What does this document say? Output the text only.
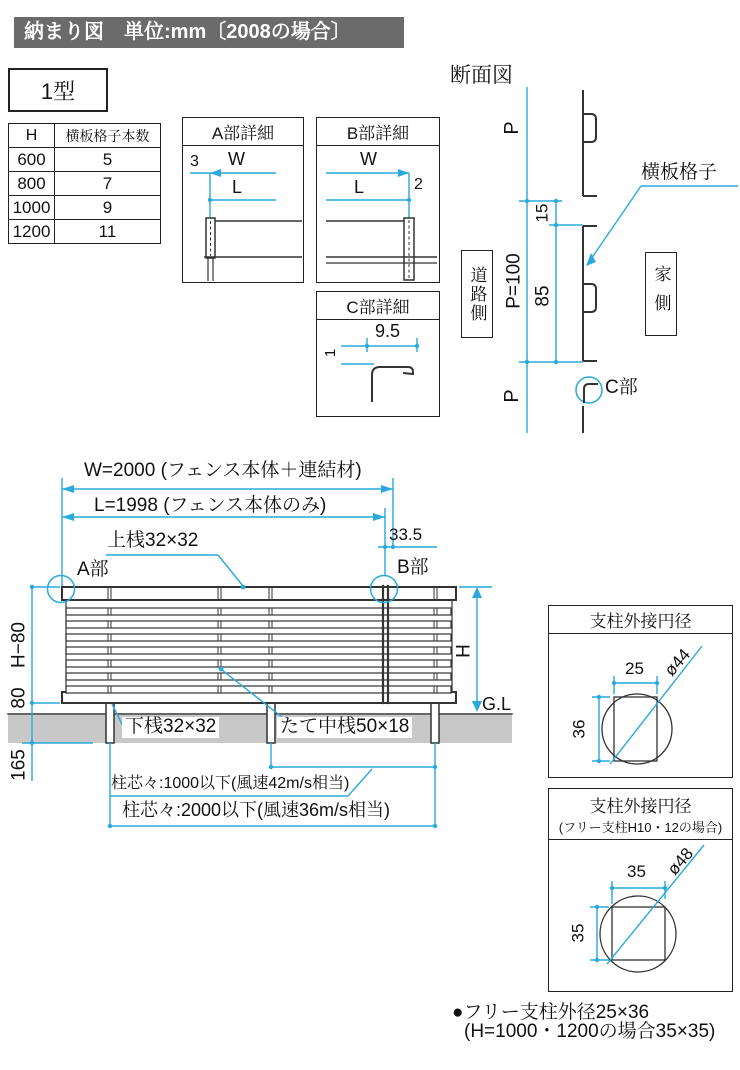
納まり図　単位:mm〔2008の場合〕
1型
H	横板格子本数
600	5
800	7
1000	9
1200	11
A部詳細
3 W
L
B部詳細
W
L	2
C部詳細
9.5
1
断面図
P
15
P=100 85
P
道路側	家側
横板格子
C部
W=2000 (フェンス本体＋連結材)
L=1998 (フェンス本体のみ)
33.5
上桟32×32
A部	B部
H
G.L
H−80
80
165
下桟32×32	たて中桟50×18
柱芯々:1000以下(風速42m/s相当)
柱芯々:2000以下(風速36m/s相当)
支柱外接円径
25
36
ø44
支柱外接円径
(フリー支柱H10・12の場合)
35
35
ø48
●フリー支柱外径25×36
(H=1000・1200の場合35×35)
